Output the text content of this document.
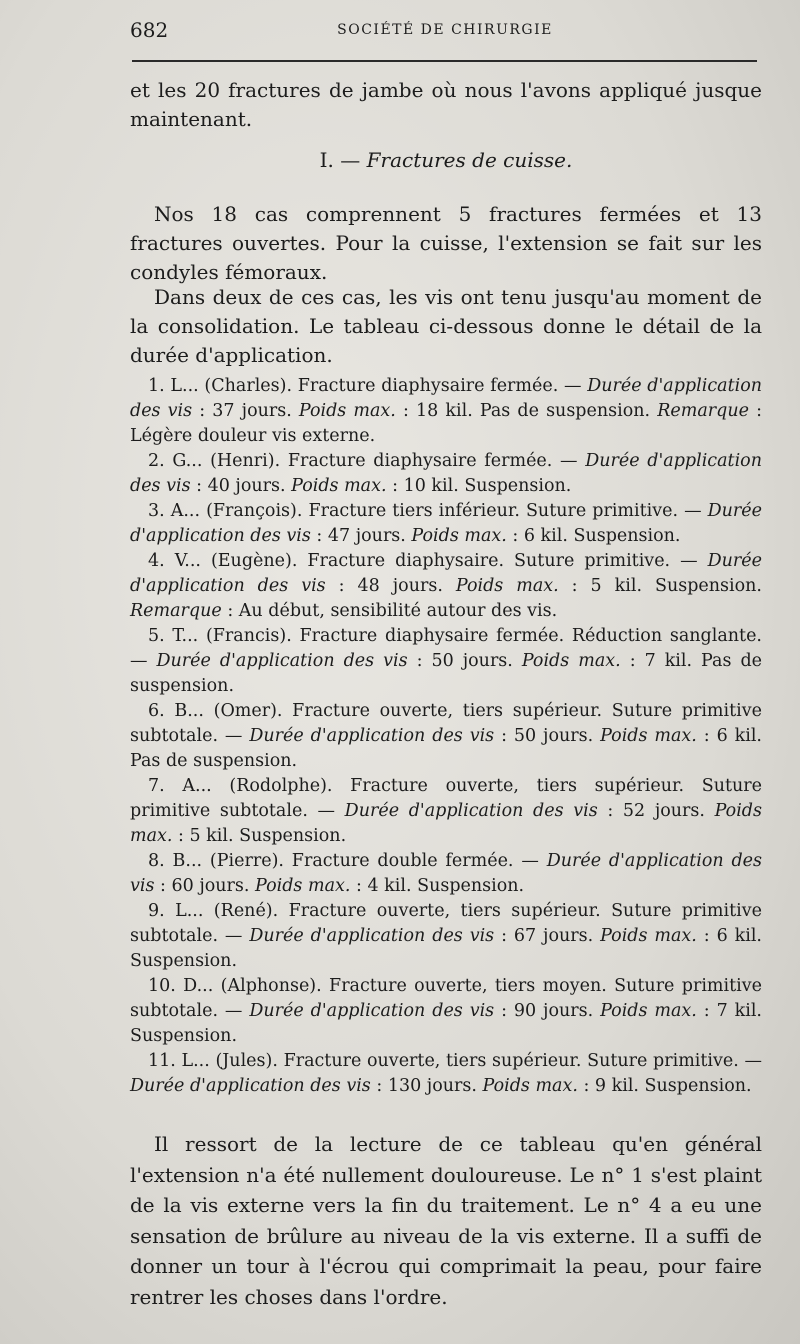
682	SOCIÉTÉ DE CHIRURGIE

et les 20 fractures de jambe où nous l'avons appliqué jusque maintenant.

I. — Fractures de cuisse.

Nos 18 cas comprennent 5 fractures fermées et 13 fractures ouvertes. Pour la cuisse, l'extension se fait sur les condyles fémoraux.

Dans deux de ces cas, les vis ont tenu jusqu'au moment de la consolidation. Le tableau ci-dessous donne le détail de la durée d'application.

1. L... (Charles). Fracture diaphysaire fermée. — Durée d'application des vis : 37 jours. Poids max. : 18 kil. Pas de suspension. Remarque : Légère douleur vis externe.

2. G... (Henri). Fracture diaphysaire fermée. — Durée d'application des vis : 40 jours. Poids max. : 10 kil. Suspension.

3. A... (François). Fracture tiers inférieur. Suture primitive. — Durée d'application des vis : 47 jours. Poids max. : 6 kil. Suspension.

4. V... (Eugène). Fracture diaphysaire. Suture primitive. — Durée d'application des vis : 48 jours. Poids max. : 5 kil. Suspension. Remarque : Au début, sensibilité autour des vis.

5. T... (Francis). Fracture diaphysaire fermée. Réduction sanglante. — Durée d'application des vis : 50 jours. Poids max. : 7 kil. Pas de suspension.

6. B... (Omer). Fracture ouverte, tiers supérieur. Suture primitive subtotale. — Durée d'application des vis : 50 jours. Poids max. : 6 kil. Pas de suspension.

7. A... (Rodolphe). Fracture ouverte, tiers supérieur. Suture primitive subtotale. — Durée d'application des vis : 52 jours. Poids max. : 5 kil. Suspension.

8. B... (Pierre). Fracture double fermée. — Durée d'application des vis : 60 jours. Poids max. : 4 kil. Suspension.

9. L... (René). Fracture ouverte, tiers supérieur. Suture primitive subtotale. — Durée d'application des vis : 67 jours. Poids max. : 6 kil. Suspension.

10. D... (Alphonse). Fracture ouverte, tiers moyen. Suture primitive subtotale. — Durée d'application des vis : 90 jours. Poids max. : 7 kil. Suspension.

11. L... (Jules). Fracture ouverte, tiers supérieur. Suture primitive. — Durée d'application des vis : 130 jours. Poids max. : 9 kil. Suspension.

Il ressort de la lecture de ce tableau qu'en général l'extension n'a été nullement douloureuse. Le n° 1 s'est plaint de la vis externe vers la fin du traitement. Le n° 4 a eu une sensation de brûlure au niveau de la vis externe. Il a suffi de donner un tour à l'écrou qui comprimait la peau, pour faire rentrer les choses dans l'ordre.
